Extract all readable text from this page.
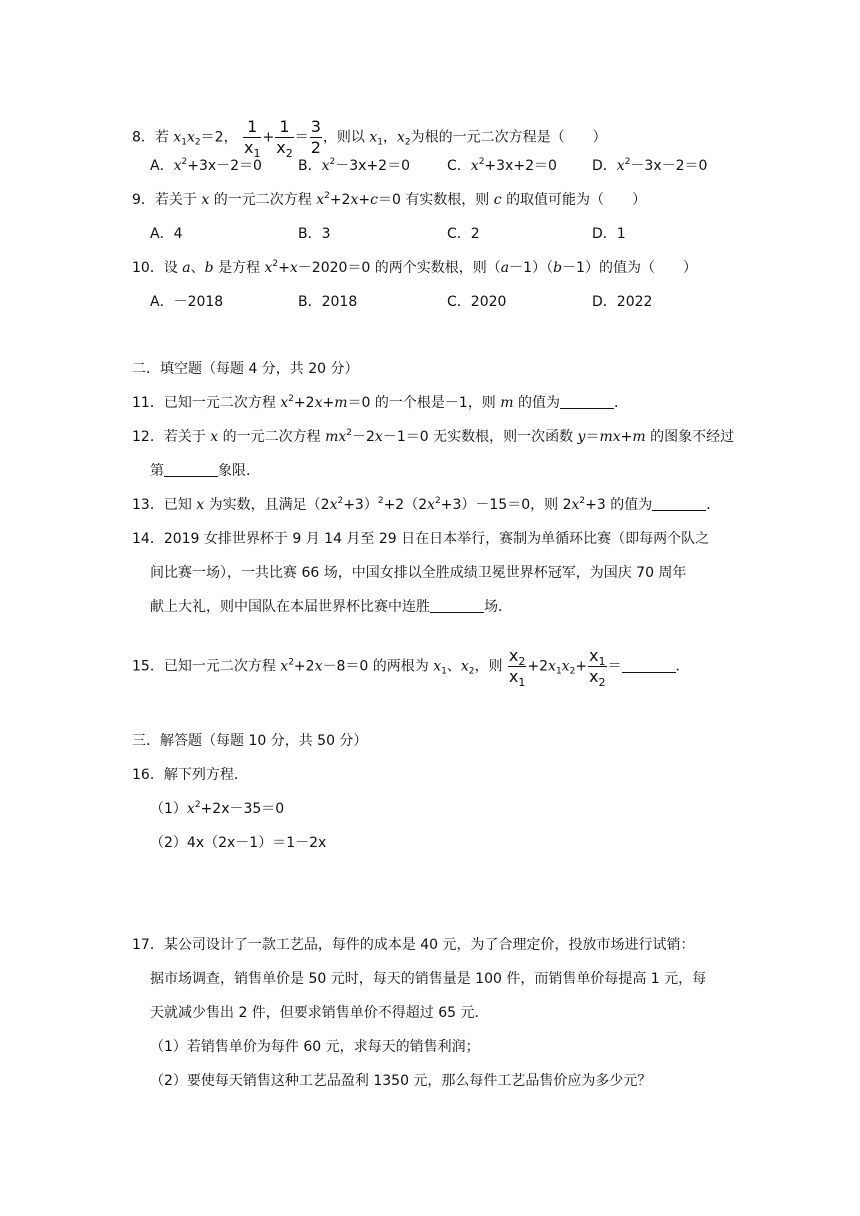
8．若 $x_1x_2=2$， $\frac{1}{x_1} + \frac{1}{x_2} = \frac{3}{2}$ ，则以 $x_1$，$x_2$为根的一元二次方程是（ ）
A．$x^2+3x-2=0$	B．$x^2-3x+2=0$	C．$x^2+3x+2=0$	D．$x^2-3x-2=0$
9．若关于 x 的一元二次方程 $x^2+2x+c=0$ 有实数根，则 c 的取值可能为（ ）
A．4	B．3	C．2	D．1
10．设 a、b 是方程 $x^2+x-2020=0$ 的两个实数根，则（a－1）（b－1）的值为（ ）
A．－2018	B．2018	C．2020	D．2022
二．填空题（每题 4 分，共 20 分）
11．已知一元二次方程 $x^2+2x+m=0$ 的一个根是－1，则 m 的值为	．
12．若关于 x 的一元二次方程 $mx^2-2x-1=0$ 无实数根，则一次函数 y＝mx+m 的图象不经过
第	象限．
13．已知 x 为实数，且满足$(2x^2+3)^2+2(2x^2+3)-15=0$，则 $2x^2+3$ 的值为	．
14．2019 女排世界杯于 9 月 14 月至 29 日在日本举行，赛制为单循环比赛（即每两个队之
间比赛一场），一共比赛 66 场，中国女排以全胜成绩卫冕世界杯冠军，为国庆 70 周年
献上大礼，则中国队在本届世界杯比赛中连胜	场．
15．已知一元二次方程 $x^2+2x-8=0$ 的两根为 $x_1$、$x_2$，则 $\frac{x_2}{x_1} +2x_1x_2+ \frac{x_1}{x_2}$ ＝	．
三．解答题（每题 10 分，共 50 分）
16．解下列方程．
$(1)x^2+2x-35=0$
（2）4x（2x－1）＝1－2x
17．某公司设计了一款工艺品，每件的成本是 40 元，为了合理定价，投放市场进行试销：
据市场调查，销售单价是 50 元时，每天的销售量是 100 件，而销售单价每提高 1 元，每
天就减少售出 2 件，但要求销售单价不得超过 65 元．
（1）若销售单价为每件 60 元，求每天的销售利润；
（2）要使每天销售这种工艺品盈利 1350 元，那么每件工艺品售价应为多少元？
